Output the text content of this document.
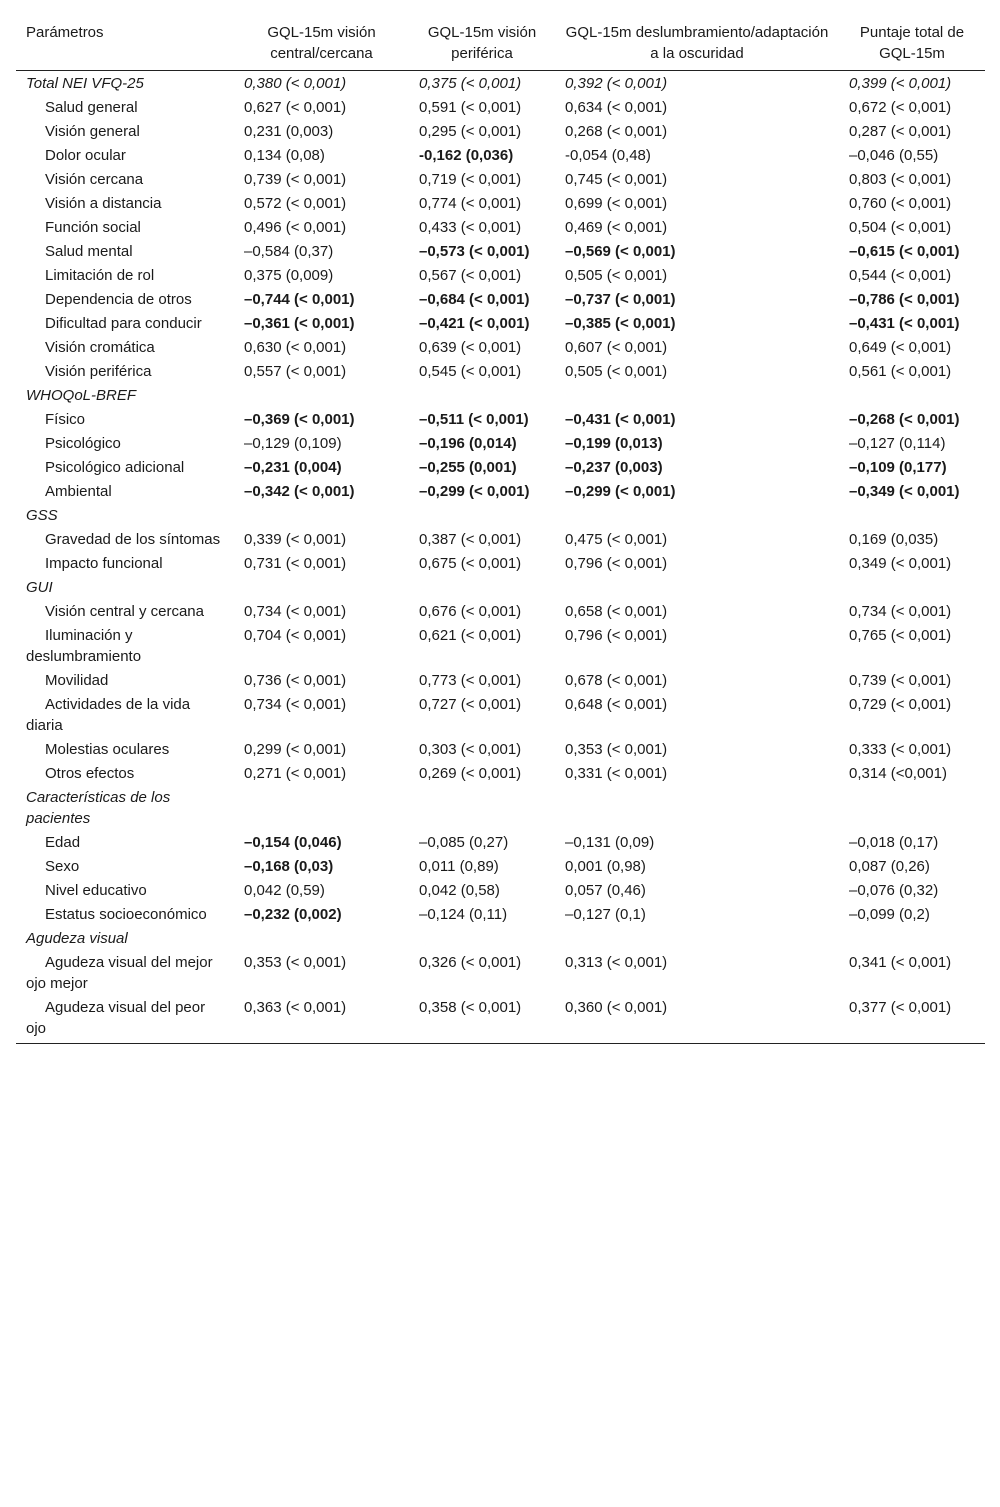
Parámetros	GQL-15m visión central/cercana	GQL-15m visión periférica	GQL-15m deslumbramiento/adaptación a la oscuridad	Puntaje total de GQL-15m
Total NEI VFQ-25	0,380 (< 0,001)	0,375 (< 0,001)	0,392 (< 0,001)	0,399 (< 0,001)
Salud general	0,627 (< 0,001)	0,591 (< 0,001)	0,634 (< 0,001)	0,672 (< 0,001)
Visión general	0,231 (0,003)	0,295 (< 0,001)	0,268 (< 0,001)	0,287 (< 0,001)
Dolor ocular	0,134 (0,08)	-0,162 (0,036)	-0,054 (0,48)	–0,046 (0,55)
Visión cercana	0,739 (< 0,001)	0,719 (< 0,001)	0,745 (< 0,001)	0,803 (< 0,001)
Visión a distancia	0,572 (< 0,001)	0,774 (< 0,001)	0,699 (< 0,001)	0,760 (< 0,001)
Función social	0,496 (< 0,001)	0,433 (< 0,001)	0,469 (< 0,001)	0,504 (< 0,001)
Salud mental	–0,584 (0,37)	–0,573 (< 0,001)	–0,569 (< 0,001)	–0,615 (< 0,001)
Limitación de rol	0,375 (0,009)	0,567 (< 0,001)	0,505 (< 0,001)	0,544 (< 0,001)
Dependencia de otros	–0,744 (< 0,001)	–0,684 (< 0,001)	–0,737 (< 0,001)	–0,786 (< 0,001)
Dificultad para conducir	–0,361 (< 0,001)	–0,421 (< 0,001)	–0,385 (< 0,001)	–0,431 (< 0,001)
Visión cromática	0,630 (< 0,001)	0,639 (< 0,001)	0,607 (< 0,001)	0,649 (< 0,001)
Visión periférica	0,557 (< 0,001)	0,545 (< 0,001)	0,505 (< 0,001)	0,561 (< 0,001)
WHOQoL-BREF				
Físico	–0,369 (< 0,001)	–0,511 (< 0,001)	–0,431 (< 0,001)	–0,268 (< 0,001)
Psicológico	–0,129 (0,109)	–0,196 (0,014)	–0,199 (0,013)	–0,127 (0,114)
Psicológico adicional	–0,231 (0,004)	–0,255 (0,001)	–0,237 (0,003)	–0,109 (0,177)
Ambiental	–0,342 (< 0,001)	–0,299 (< 0,001)	–0,299 (< 0,001)	–0,349 (< 0,001)
GSS				
Gravedad de los síntomas	0,339 (< 0,001)	0,387 (< 0,001)	0,475 (< 0,001)	0,169 (0,035)
Impacto funcional	0,731 (< 0,001)	0,675 (< 0,001)	0,796 (< 0,001)	0,349 (< 0,001)
GUI				
Visión central y cercana	0,734 (< 0,001)	0,676 (< 0,001)	0,658 (< 0,001)	0,734 (< 0,001)
Iluminación y deslumbramiento	0,704 (< 0,001)	0,621 (< 0,001)	0,796 (< 0,001)	0,765 (< 0,001)
Movilidad	0,736 (< 0,001)	0,773 (< 0,001)	0,678 (< 0,001)	0,739 (< 0,001)
Actividades de la vida diaria	0,734 (< 0,001)	0,727 (< 0,001)	0,648 (< 0,001)	0,729 (< 0,001)
Molestias oculares	0,299 (< 0,001)	0,303 (< 0,001)	0,353 (< 0,001)	0,333 (< 0,001)
Otros efectos	0,271 (< 0,001)	0,269 (< 0,001)	0,331 (< 0,001)	0,314 (<0,001)
Características de los pacientes				
Edad	–0,154 (0,046)	–0,085 (0,27)	–0,131 (0,09)	–0,018 (0,17)
Sexo	–0,168 (0,03)	0,011 (0,89)	0,001 (0,98)	0,087 (0,26)
Nivel educativo	0,042 (0,59)	0,042 (0,58)	0,057 (0,46)	–0,076 (0,32)
Estatus socioeconómico	–0,232 (0,002)	–0,124 (0,11)	–0,127 (0,1)	–0,099 (0,2)
Agudeza visual				
Agudeza visual del mejor ojo mejor	0,353 (< 0,001)	0,326 (< 0,001)	0,313 (< 0,001)	0,341 (< 0,001)
Agudeza visual del peor ojo	0,363 (< 0,001)	0,358 (< 0,001)	0,360 (< 0,001)	0,377 (< 0,001)
